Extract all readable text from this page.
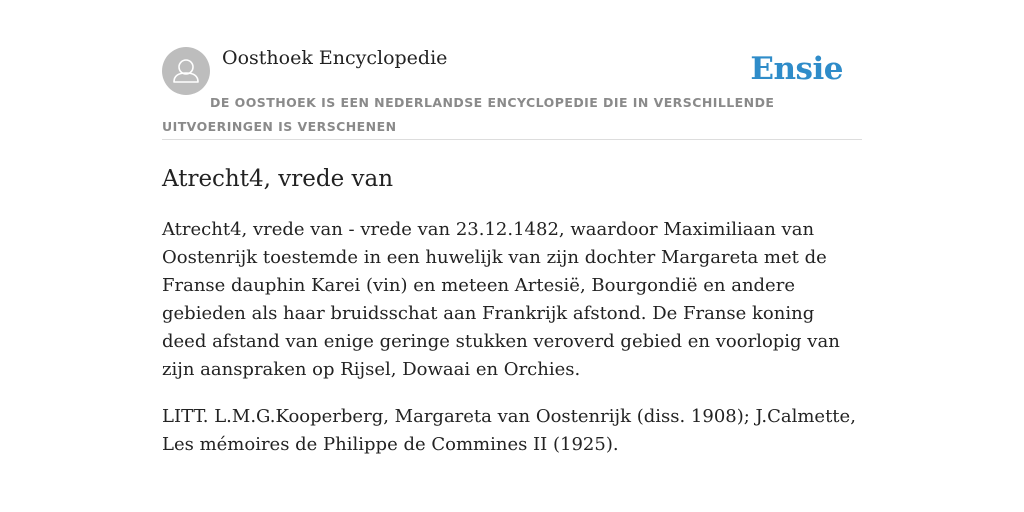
Oosthoek Encyclopedie	Ensie
DE OOSTHOEK IS EEN NEDERLANDSE ENCYCLOPEDIE DIE IN VERSCHILLENDE UITVOERINGEN IS VERSCHENEN
Atrecht4, vrede van

Atrecht4, vrede van - vrede van 23.12.1482, waardoor Maximiliaan van Oostenrijk toestemde in een huwelijk van zijn dochter Margareta met de Franse dauphin Karei (vin) en meteen Artesië, Bourgondië en andere gebieden als haar bruidsschat aan Frankrijk afstond. De Franse koning deed afstand van enige geringe stukken veroverd gebied en voorlopig van zijn aanspraken op Rijsel, Dowaai en Orchies.

LITT. L.M.G.Kooperberg, Margareta van Oostenrijk (diss. 1908); J.Calmette, Les mémoires de Philippe de Commines II (1925).
